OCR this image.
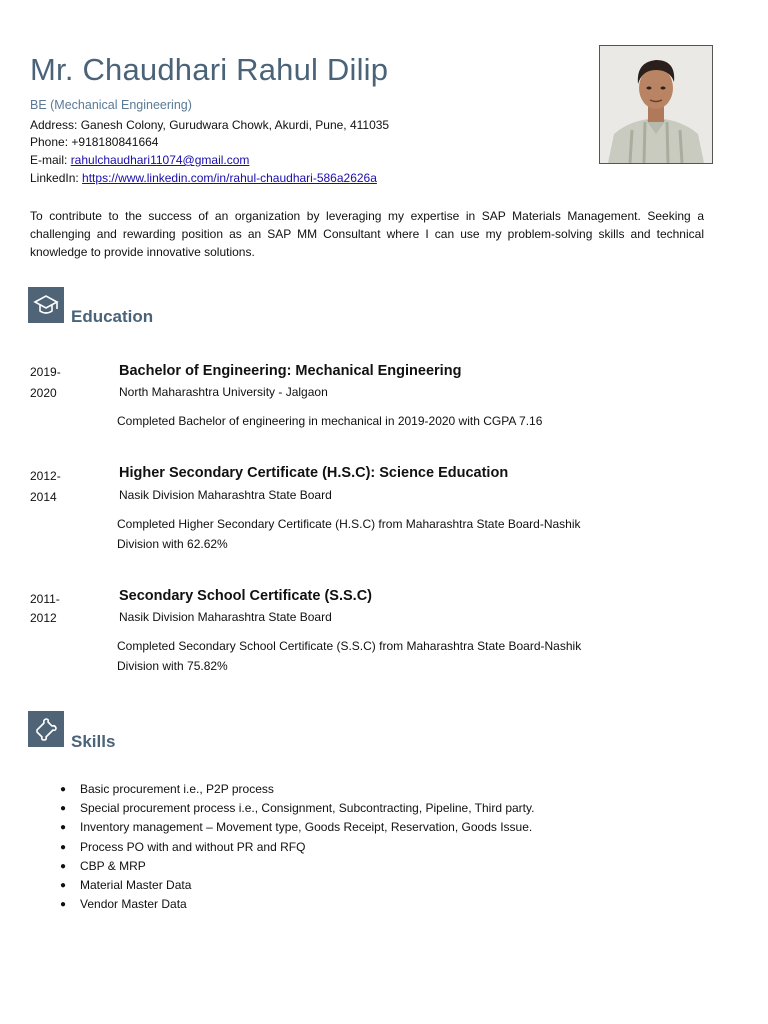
Mr. Chaudhari Rahul Dilip
BE (Mechanical Engineering)
Address: Ganesh Colony, Gurudwara Chowk, Akurdi, Pune, 411035
Phone: +918180841664
E-mail: rahulchaudhari11074@gmail.com
LinkedIn: https://www.linkedin.com/in/rahul-chaudhari-586a2626a
To contribute to the success of an organization by leveraging my expertise in SAP Materials Management. Seeking a challenging and rewarding position as an SAP MM Consultant where I can use my problem-solving skills and technical knowledge to provide innovative solutions.
Education
2019-
2020
Bachelor of Engineering: Mechanical Engineering
North Maharashtra University - Jalgaon
Completed Bachelor of engineering in mechanical in 2019-2020 with CGPA 7.16
2012-
2014
Higher Secondary Certificate (H.S.C): Science Education
Nasik Division Maharashtra State Board
Completed Higher Secondary Certificate (H.S.C) from Maharashtra State Board-Nashik Division with 62.62%
2011-
2012
Secondary School Certificate (S.S.C)
Nasik Division Maharashtra State Board
Completed Secondary School Certificate (S.S.C) from Maharashtra State Board-Nashik Division with 75.82%
Skills
● Basic procurement i.e., P2P process
● Special procurement process i.e., Consignment, Subcontracting, Pipeline, Third party.
● Inventory management – Movement type, Goods Receipt, Reservation, Goods Issue.
● Process PO with and without PR and RFQ
● CBP & MRP
● Material Master Data
● Vendor Master Data
